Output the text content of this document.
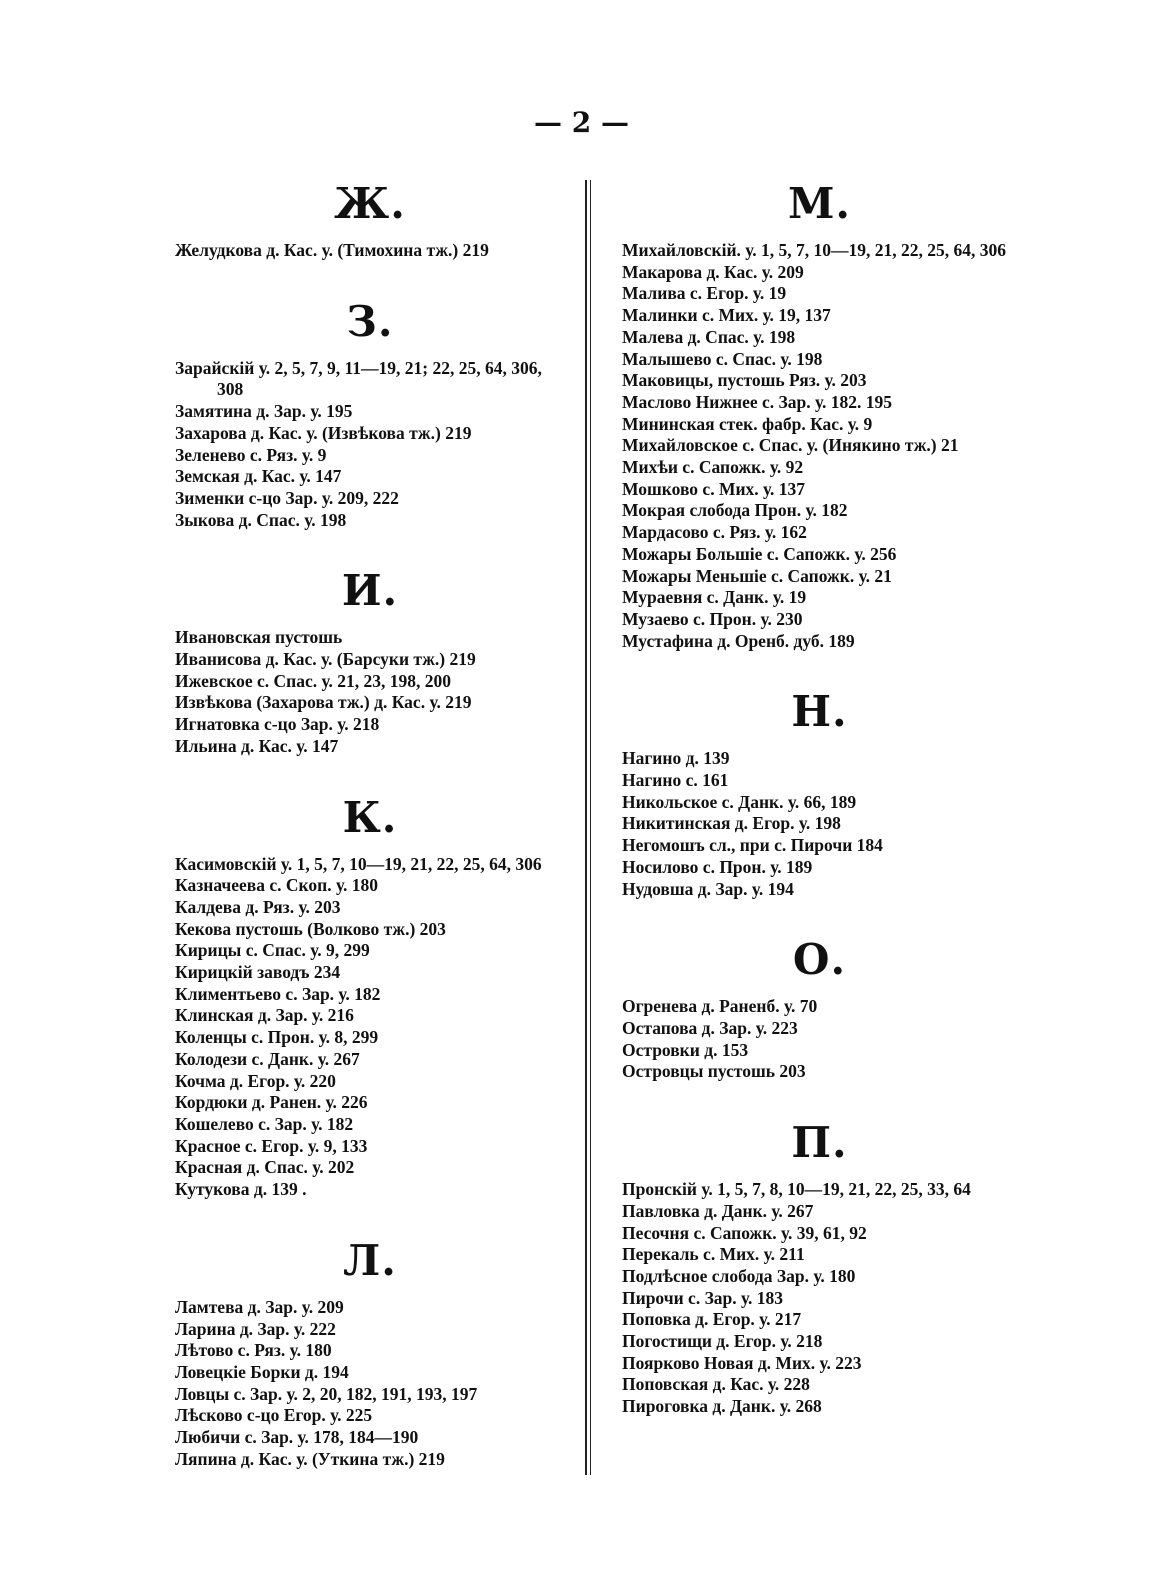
— 2 —
Ж.
Желудкова д. Кас. у. (Тимохина тж.) 219
З.
Зарайскій у. 2, 5, 7, 9, 11—19, 21; 22, 25, 64, 306, 308
Замятина д. Зар. у. 195
Захарова д. Кас. у. (Извѣкова тж.) 219
Зеленево с. Ряз. у. 9
Земская д. Кас. у. 147
Зименки с-цо Зар. у. 209, 222
Зыкова д. Спас. у. 198
И.
Ивановская пустошь
Иванисова д. Кас. у. (Барсуки тж.) 219
Ижевское с. Спас. у. 21, 23, 198, 200
Извѣкова (Захарова тж.) д. Кас. у. 219
Игнатовка с-цо Зар. у. 218
Ильина д. Кас. у. 147
К.
Касимовскій у. 1, 5, 7, 10—19, 21, 22, 25, 64, 306
Казначеева с. Скоп. у. 180
Калдева д. Ряз. у. 203
Кекова пустошь (Волково тж.) 203
Кирицы с. Спас. у. 9, 299
Кирицкій заводъ 234
Климентьево с. Зар. у. 182
Клинская д. Зар. у. 216
Коленцы с. Прон. у. 8, 299
Колодези с. Данк. у. 267
Кочма д. Егор. у. 220
Кордюки д. Ранен. у. 226
Кошелево с. Зар. у. 182
Красное с. Егор. у. 9, 133
Красная д. Спас. у. 202
Кутукова д. 139 .
Л.
Ламтева д. Зар. у. 209
Ларина д. Зар. у. 222
Лѣтово с. Ряз. у. 180
Ловецкіе Борки д. 194
Ловцы с. Зар. у. 2, 20, 182, 191, 193, 197
Лѣсково с-цо Егор. у. 225
Любичи с. Зар. у. 178, 184—190
Ляпина д. Кас. у. (Уткина тж.) 219
М.
Михайловскій. у. 1, 5, 7, 10—19, 21, 22, 25, 64, 306
Макарова д. Кас. у. 209
Малива с. Егор. у. 19
Малинки с. Мих. у. 19, 137
Малева д. Спас. у. 198
Малышево с. Спас. у. 198
Маковицы, пустошь Ряз. у. 203
Маслово Нижнее с. Зар. у. 182. 195
Мининская стек. фабр. Кас. у. 9
Михайловское с. Спас. у. (Инякино тж.) 21
Михѣи с. Сапожк. у. 92
Мошково с. Мих. у. 137
Мокрая слобода Прон. у. 182
Мардасово с. Ряз. у. 162
Можары Большіе с. Сапожк. у. 256
Можары Меньшіе с. Сапожк. у. 21
Мураевня с. Данк. у. 19
Музаево с. Прон. у. 230
Мустафина д. Оренб. дуб. 189
Н.
Нагино д. 139
Нагино с. 161
Никольское с. Данк. у. 66, 189
Никитинская д. Егор. у. 198
Негомошъ сл., при с. Пирочи 184
Носилово с. Прон. у. 189
Нудовша д. Зар. у. 194
О.
Огренева д. Раненб. у. 70
Остапова д. Зар. у. 223
Островки д. 153
Островцы пустошь 203
П.
Пронскій у. 1, 5, 7, 8, 10—19, 21, 22, 25, 33, 64
Павловка д. Данк. у. 267
Песочня с. Сапожк. у. 39, 61, 92
Перекаль с. Мих. у. 211
Подлѣсное слобода Зар. у. 180
Пирочи с. Зар. у. 183
Поповка д. Егор. у. 217
Погостищи д. Егор. у. 218
Поярково Новая д. Мих. у. 223
Поповская д. Кас. у. 228
Пироговка д. Данк. у. 268
